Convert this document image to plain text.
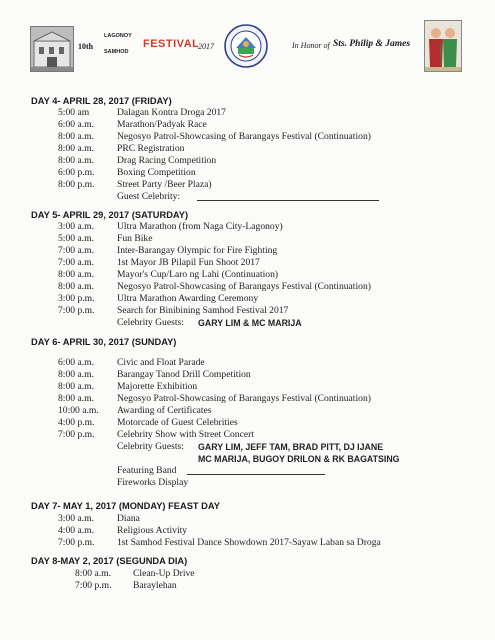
10th
LAGONOY
SAMHOD
FESTIVAL
2017	In Honor of Sts. Philip & James
DAY 4- APRIL 28, 2017 (FRIDAY)
5:00 am	Dalagan Kontra Droga 2017
6:00 a.m. Marathon/Padyak Race
8:00 a.m. Negosyo Patrol-Showcasing of Barangays Festival (Continuation)
8:00 a.m. PRC Registration
8:00 a.m. Drag Racing Competition
6:00 p.m. Boxing Competition
8:00 p.m. Street Party /Beer Plaza)
Guest Celebrity:
DAY 5- APRIL 29, 2017 (SATURDAY)
3:00 a.m. Ultra Marathon (from Naga City-Lagonoy)
5:00 a.m. Fun Bike
7:00 a.m. Inter-Barangay Olympic for Fire Fighting
7:00 a.m. 1st Mayor JB Pilapil Fun Shoot 2017
8:00 a.m. Mayor's Cup/Laro ng Lahi (Continuation)
8:00 a.m. Negosyo Patrol-Showcasing of Barangays Festival (Continuation)
3:00 p.m. Ultra Marathon Awarding Ceremony
7:00 p.m. Search for Binibining Samhod Festival 2017
Celebrity Guests: GARY LIM & MC MARIJA
DAY 6- APRIL 30, 2017 (SUNDAY)
6:00 a.m. Civic and Float Parade
8:00 a.m. Barangay Tanod Drill Competition
8:00 a.m. Majorette Exhibition
8:00 a.m. Negosyo Patrol-Showcasing of Barangays Festival (Continuation)
10:00 a.m. Awarding of Certificates
4:00 p.m. Motorcade of Guest Celebrities
7:00 p.m. Celebrity Show with Street Concert
Celebrity Guests: GARY LIM, JEFF TAM, BRAD PITT, DJ IJANE
MC MARIJA, BUGOY DRILON & RK BAGATSING
Featuring Band
Fireworks Display
DAY 7- MAY 1, 2017 (MONDAY) FEAST DAY
3:00 a.m. Diana
4:00 a.m. Religious Activity
7:00 p.m. 1st Samhod Festival Dance Showdown 2017-Sayaw Laban sa Droga
DAY 8-MAY 2, 2017 (SEGUNDA DIA)
8:00 a.m. Clean-Up Drive
7:00 p.m. Baraylehan
